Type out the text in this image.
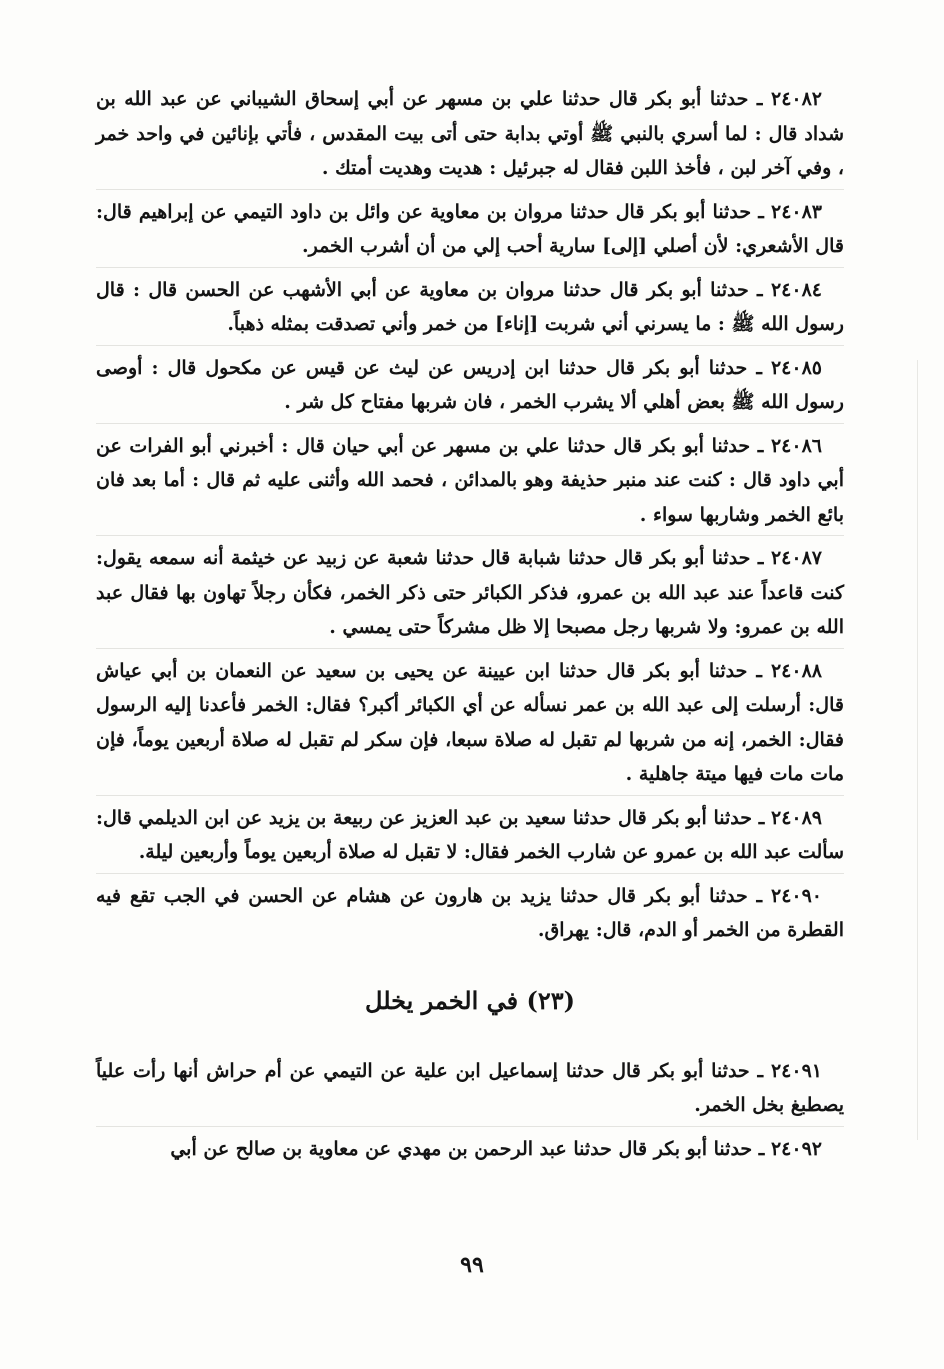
٢٤٠٨٢ ـ حدثنا أبو بكر قال حدثنا علي بن مسهر عن أبي إسحاق الشيباني عن عبد الله بن شداد قال : لما أسري بالنبي ﷺ أوتي بدابة حتى أتى بيت المقدس ، فأتي بإنائين في واحد خمر ، وفي آخر لبن ، فأخذ اللبن فقال له جبرئيل : هديت وهديت أمتك .

٢٤٠٨٣ ـ حدثنا أبو بكر قال حدثنا مروان بن معاوية عن وائل بن داود التيمي عن إبراهيم قال: قال الأشعري: لأن أصلي [إلى] سارية أحب إلي من أن أشرب الخمر.

٢٤٠٨٤ ـ حدثنا أبو بكر قال حدثنا مروان بن معاوية عن أبي الأشهب عن الحسن قال : قال رسول الله ﷺ : ما يسرني أني شربت [إناء] من خمر وأني تصدقت بمثله ذهباً.

٢٤٠٨٥ ـ حدثنا أبو بكر قال حدثنا ابن إدريس عن ليث عن قيس عن مكحول قال : أوصى رسول الله ﷺ بعض أهلي ألا يشرب الخمر ، فان شربها مفتاح كل شر .

٢٤٠٨٦ ـ حدثنا أبو بكر قال حدثنا علي بن مسهر عن أبي حيان قال : أخبرني أبو الفرات عن أبي داود قال : كنت عند منبر حذيفة وهو بالمدائن ، فحمد الله وأثنى عليه ثم قال : أما بعد فان بائع الخمر وشاربها سواء .

٢٤٠٨٧ ـ حدثنا أبو بكر قال حدثنا شبابة قال حدثنا شعبة عن زبيد عن خيثمة أنه سمعه يقول: كنت قاعداً عند عبد الله بن عمرو، فذكر الكبائر حتى ذكر الخمر، فكأن رجلاً تهاون بها فقال عبد الله بن عمرو: ولا شربها رجل مصبحا إلا ظل مشركاً حتى يمسي .

٢٤٠٨٨ ـ حدثنا أبو بكر قال حدثنا ابن عيينة عن يحيى بن سعيد عن النعمان بن أبي عياش قال: أرسلت إلى عبد الله بن عمر نسأله عن أي الكبائر أكبر؟ فقال: الخمر فأعدنا إليه الرسول فقال: الخمر، إنه من شربها لم تقبل له صلاة سبعا، فإن سكر لم تقبل له صلاة أربعين يوماً، فإن مات مات فيها ميتة جاهلية .

٢٤٠٨٩ ـ حدثنا أبو بكر قال حدثنا سعيد بن عبد العزيز عن ربيعة بن يزيد عن ابن الديلمي قال: سألت عبد الله بن عمرو عن شارب الخمر فقال: لا تقبل له صلاة أربعين يوماً وأربعين ليلة.

٢٤٠٩٠ ـ حدثنا أبو بكر قال حدثنا يزيد بن هارون عن هشام عن الحسن في الجب تقع فيه القطرة من الخمر أو الدم، قال: يهراق.

(٢٣) في الخمر يخلل

٢٤٠٩١ ـ حدثنا أبو بكر قال حدثنا إسماعيل ابن علية عن التيمي عن أم حراش أنها رأت علياً يصطبغ بخل الخمر.

٢٤٠٩٢ ـ حدثنا أبو بكر قال حدثنا عبد الرحمن بن مهدي عن معاوية بن صالح عن أبي

٩٩
